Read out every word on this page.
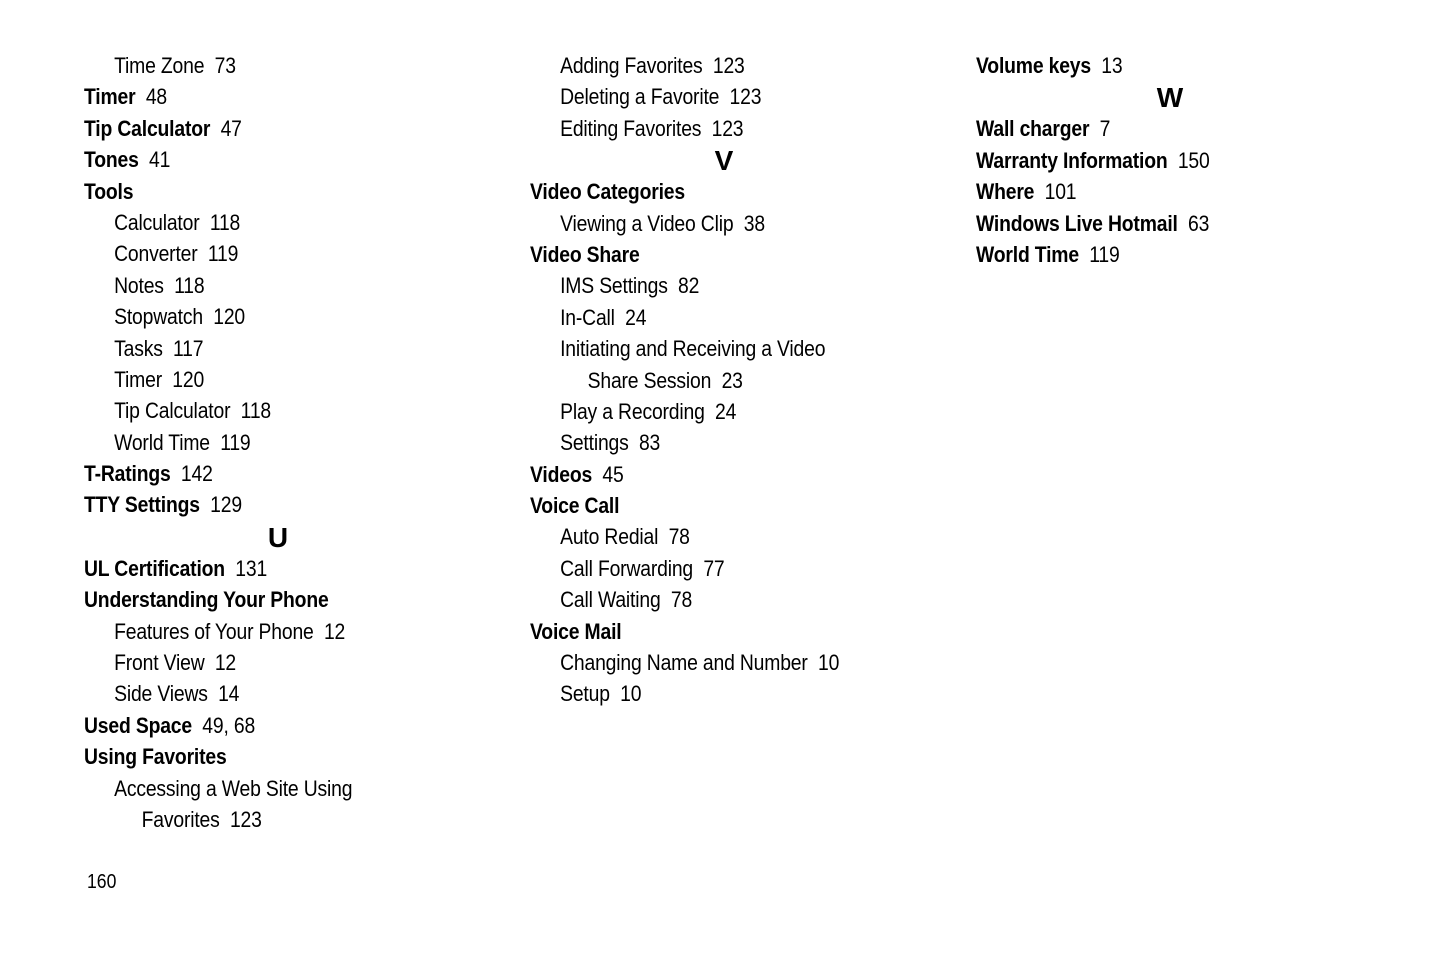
Time Zone 73
Timer 48
Tip Calculator 47
Tones 41
Tools
Calculator 118
Converter 119
Notes 118
Stopwatch 120
Tasks 117
Timer 120
Tip Calculator 118
World Time 119
T-Ratings 142
TTY Settings 129
U
UL Certification 131
Understanding Your Phone
Features of Your Phone 12
Front View 12
Side Views 14
Used Space 49, 68
Using Favorites
Accessing a Web Site Using
Favorites 123
Adding Favorites 123
Deleting a Favorite 123
Editing Favorites 123
V
Video Categories
Viewing a Video Clip 38
Video Share
IMS Settings 82
In-Call 24
Initiating and Receiving a Video
Share Session 23
Play a Recording 24
Settings 83
Videos 45
Voice Call
Auto Redial 78
Call Forwarding 77
Call Waiting 78
Voice Mail
Changing Name and Number 10
Setup 10
Volume keys 13
W
Wall charger 7
Warranty Information 150
Where 101
Windows Live Hotmail 63
World Time 119
160
